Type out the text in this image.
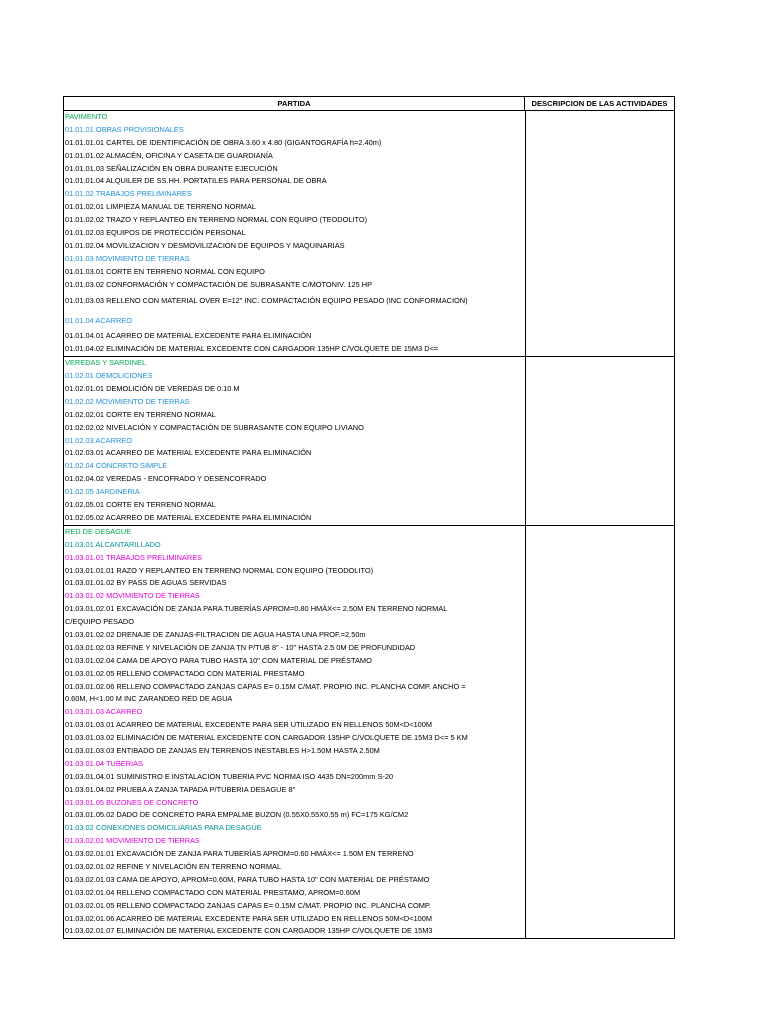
PARTIDA	DESCRIPCION DE LAS ACTIVIDADES
PAVIMENTO
01.01.01 OBRAS PROVISIONALES
01.01.01.01 CARTEL DE IDENTIFICACIÓN DE OBRA 3.60 x 4.80 (GIGANTOGRAFÍA h=2.40m)
01.01.01.02 ALMACÉN, OFICINA Y CASETA DE GUARDIANÍA
01.01.01.03 SEÑALIZACIÓN EN OBRA DURANTE EJECUCIÓN
01.01.01.04 ALQUILER DE SS.HH. PORTATILES PARA PERSONAL DE OBRA
01.01.02 TRABAJOS PRELIMINARES
01.01.02.01 LIMPIEZA MANUAL DE TERRENO NORMAL
01.01.02.02 TRAZO Y REPLANTEO EN TERRENO NORMAL CON EQUIPO (TEODOLITO)
01.01.02.03 EQUIPOS DE PROTECCIÓN PERSONAL
01.01.02.04 MOVILIZACION Y DESMOVILIZACION DE EQUIPOS Y MAQUINARIAS
01.01.03 MOVIMIENTO DE TIERRAS
01.01.03.01 CORTE EN TERRENO NORMAL CON EQUIPO
01.01.03.02 CONFORMACIÓN Y COMPACTACIÓN DE SUBRASANTE C/MOTONIV. 125 HP
01.01.03.03 RELLENO CON MATERIAL OVER E=12" INC. COMPACTACIÓN EQUIPO PESADO (INC CONFORMACION)
01.01.04 ACARREO
01.01.04.01 ACARREO DE MATERIAL EXCEDENTE PARA ELIMINACIÓN
01.01.04.02 ELIMINACIÓN DE MATERIAL EXCEDENTE CON CARGADOR 135HP C/VOLQUETE DE 15M3 D<=
VEREDAS Y SARDINEL
01.02.01 DEMOLICIONES
01.02.01.01 DEMOLICIÓN DE VEREDAS DE 0.10 M
01.02.02 MOVIMIENTO DE TIERRAS
01.02.02.01 CORTE EN TERRENO NORMAL
01.02.02.02 NIVELACIÓN Y COMPACTACIÓN DE SUBRASANTE CON EQUIPO LIVIANO
01.02.03 ACARREO
01.02.03.01 ACARREO DE MATERIAL EXCEDENTE PARA ELIMINACIÓN
01.02.04 CONCRETO SIMPLE
01.02.04.02 VEREDAS - ENCOFRADO Y DESENCOFRADO
01.02.05 JARDINERIA
01.02.05.01 CORTE EN TERRENO NORMAL
01.02.05.02 ACARREO DE MATERIAL EXCEDENTE PARA ELIMINACIÓN
RED DE DESAGUE
01.03.01 ALCANTARILLADO
01.03.01.01 TRABAJOS PRELIMINARES
01.03.01.01.01 RAZO Y REPLANTEO EN TERRENO NORMAL CON EQUIPO (TEODOLITO)
01.03.01.01.02 BY PASS DE AGUAS SERVIDAS
01.03.01.02 MOVIMIENTO DE TIERRAS
01.03.01.02.01 EXCAVACIÓN DE ZANJA PARA TUBERÍAS APROM=0.80 HMÁX<= 2.50M EN TERRENO NORMAL
C/EQUIPO PESADO
01.03.01.02.02 DRENAJE DE ZANJAS-FILTRACION DE AGUA HASTA UNA PROF.=2.50m
01.03.01.02.03 REFINE Y NIVELACIÓN DE ZANJA TN P/TUB 8" - 10" HASTA 2.5 0M DE PROFUNDIDAD
01.03.01.02.04 CAMA DE APOYO PARA TUBO HASTA 10" CON MATERIAL DE PRÉSTAMO
01.03.01.02.05 RELLENO COMPACTADO CON MATERIAL PRESTAMO
01.03.01.02.06 RELLENO COMPACTADO ZANJAS CAPAS E= 0.15M C/MAT. PROPIO INC. PLANCHA COMP. ANCHO =
0.60M, H<1.00 M INC ZARANDEO RED DE AGUA
01.03.01.03 ACARREO
01.03.01.03.01 ACARREO DE MATERIAL EXCEDENTE PARA SER UTILIZADO EN RELLENOS 50M<D<100M
01.03.01.03.02 ELIMINACIÓN DE MATERIAL EXCEDENTE CON CARGADOR 135HP C/VOLQUETE DE 15M3 D<= 5 KM
01.03.01.03.03 ENTIBADO DE ZANJAS EN TERRENOS INESTABLES H>1.50M HASTA 2.50M
01.03.01.04 TUBERIAS
01.03.01.04.01 SUMINISTRO E INSTALACION TUBERIA PVC NORMA ISO 4435 DN=200mm S-20
01.03.01.04.02 PRUEBA A ZANJA TAPADA P/TUBERIA DESAGUE 8"
01.03.01.05 BUZONES DE CONCRETO
01.03.01.05.02 DADO DE CONCRETO PARA EMPALME BUZON (0.55X0.55X0.55 m) FC=175 KG/CM2
01.03.02 CONEXIONES DOMICILIARIAS PARA DESAGÜE
01.03.02.01 MOVIMIENTO DE TIERRAS
01.03.02.01.01 EXCAVACIÓN DE ZANJA PARA TUBERÍAS APROM=0.60 HMÁX<= 1.50M EN TERRENO
01.03.02.01.02 REFINE Y NIVELACIÓN EN TERRENO NORMAL
01.03.02.01.03 CAMA DE APOYO, APROM=0.60M, PARA TUBO HASTA 10" CON MATERIAL DE PRÉSTAMO
01.03.02.01.04 RELLENO COMPACTADO CON MATERIAL PRESTAMO, APROM=0.60M
01.03.02.01.05 RELLENO COMPACTADO ZANJAS CAPAS E= 0.15M C/MAT. PROPIO INC. PLANCHA COMP.
01.03.02.01.06 ACARREO DE MATERIAL EXCEDENTE PARA SER UTILIZADO EN RELLENOS 50M<D<100M
01.03.02.01.07 ELIMINACIÓN DE MATERIAL EXCEDENTE CON CARGADOR 135HP C/VOLQUETE DE 15M3
